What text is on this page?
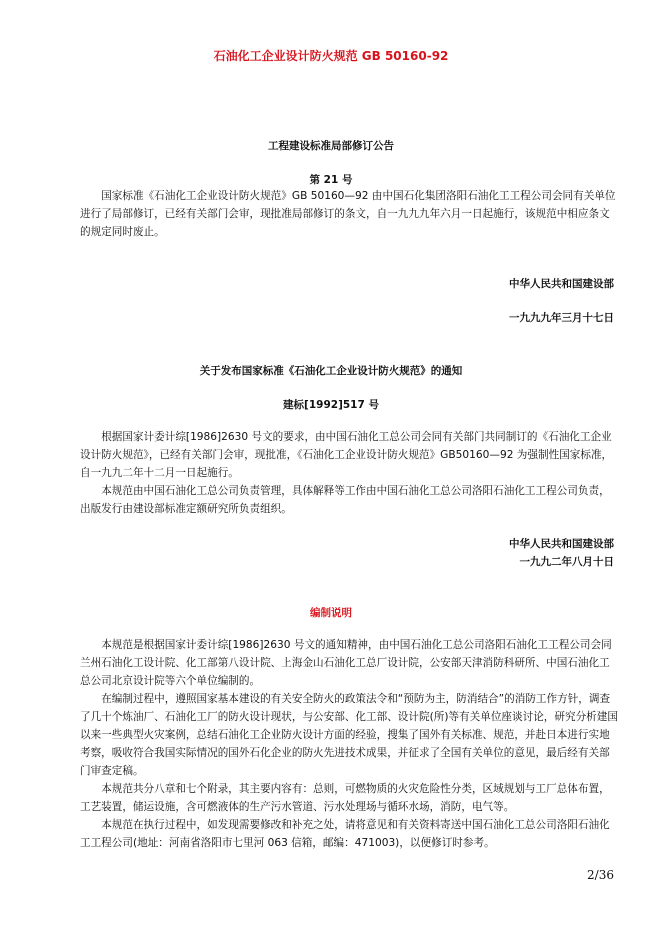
石油化工企业设计防火规范 GB 50160-92
工程建设标准局部修订公告
第 21 号

国家标准《石油化工企业设计防火规范》GB 50160—92 由中国石化集团洛阳石油化工工程公司会同有关单位进行了局部修订，已经有关部门会审，现批准局部修订的条文，自一九九九年六月一日起施行，该规范中相应条文的规定同时废止。

中华人民共和国建设部
一九九九年三月十七日
关于发布国家标准《石油化工企业设计防火规范》的通知
建标[1992]517 号

根据国家计委计综[1986]2630 号文的要求，由中国石油化工总公司会同有关部门共同制订的《石油化工企业设计防火规范》，已经有关部门会审，现批准，《石油化工企业设计防火规范》GB50160—92 为强制性国家标准，自一九九二年十二月一日起施行。

本规范由中国石油化工总公司负责管理，具体解释等工作由中国石油化工总公司洛阳石油化工工程公司负责，出版发行由建设部标准定额研究所负责组织。

中华人民共和国建设部
一九九二年八月十日
编制说明

本规范是根据国家计委计综[1986]2630 号文的通知精神，由中国石油化工总公司洛阳石油化工工程公司会同兰州石油化工设计院、化工部第八设计院、上海金山石油化工总厂设计院，公安部天津消防科研所、中国石油化工总公司北京设计院等六个单位编制的。

在编制过程中，遵照国家基本建设的有关安全防火的政策法令和“预防为主，防消结合”的消防工作方针，调查了几十个炼油厂、石油化工厂的防火设计现状，与公安部、化工部、设计院(所)等有关单位座谈讨论，研究分析建国以来一些典型火灾案例，总结石油化工企业防火设计方面的经验，搜集了国外有关标准、规范，并赴日本进行实地考察，吸收符合我国实际情况的国外石化企业的防火先进技术成果，并征求了全国有关单位的意见，最后经有关部门审查定稿。

本规范共分八章和七个附录，其主要内容有：总则，可燃物质的火灾危险性分类，区域规划与工厂总体布置，工艺装置，储运设施，含可燃液体的生产污水管道、污水处理场与循环水场，消防，电气等。

本规范在执行过程中，如发现需要修改和补充之处，请将意见和有关资料寄送中国石油化工总公司洛阳石油化工工程公司(地址：河南省洛阳市七里河 063 信箱，邮编：471003)，以便修订时参考。

2/36
